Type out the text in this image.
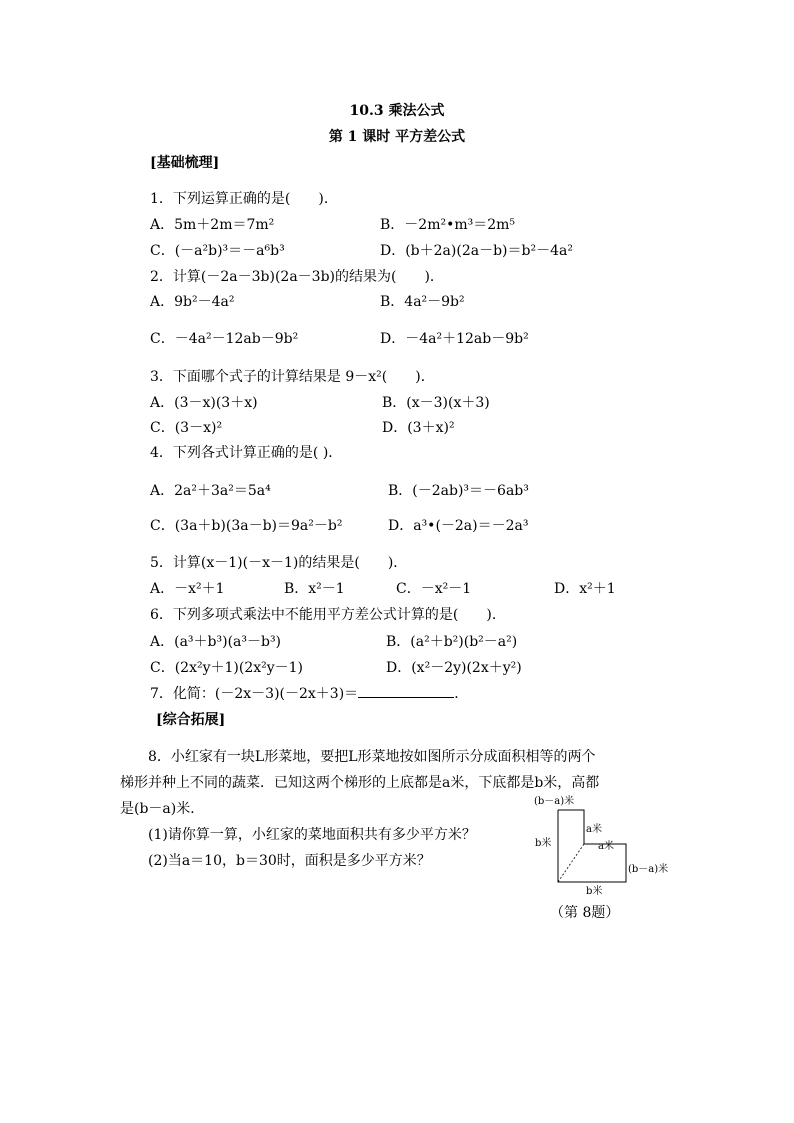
10.3 乘法公式
第 1 课时 平方差公式
[基础梳理]
1．下列运算正确的是(　　)．
A．5m＋2m＝7m²	B．－2m²•m³＝2m⁵
C．(－a²b)³＝－a⁶b³	D．(b＋2a)(2a－b)＝b²－4a²
2．计算(－2a－3b)(2a－3b)的结果为(　　)．
A．9b²－4a²	B．4a²－9b²
C．－4a²－12ab－9b²	D．－4a²＋12ab－9b²
3．下面哪个式子的计算结果是 9－x²(　　)．
A．(3－x)(3＋x)	B．(x－3)(x＋3)
C．(3－x)²	D．(3＋x)²
4．下列各式计算正确的是( )．
A．2a²＋3a²＝5a⁴	B．(－2ab)³＝－6ab³
C．(3a＋b)(3a－b)＝9a²－b²	D．a³•(－2a)＝－2a³
5．计算(x－1)(－x－1)的结果是(　　)．
A．－x²＋1	B．x²－1	C．－x²－1	D．x²＋1
6．下列多项式乘法中不能用平方差公式计算的是(　　)．
A．(a³＋b³)(a³－b³)	B．(a²＋b²)(b²－a²)
C．(2x²y＋1)(2x²y－1)	D．(x²－2y)(2x＋y²)
7．化简：(－2x－3)(－2x＋3)＝	．
[综合拓展]
8．小红家有一块L形菜地，要把L形菜地按如图所示分成面积相等的两个
梯形并种上不同的蔬菜．已知这两个梯形的上底都是a米，下底都是b米，高都
是(b－a)米．
(1)请你算一算，小红家的菜地面积共有多少平方米？
(2)当a＝10，b＝30时，面积是多少平方米？
(b－a)米
a米
a米
(b－a)米
b米
b米
（第 8题）
